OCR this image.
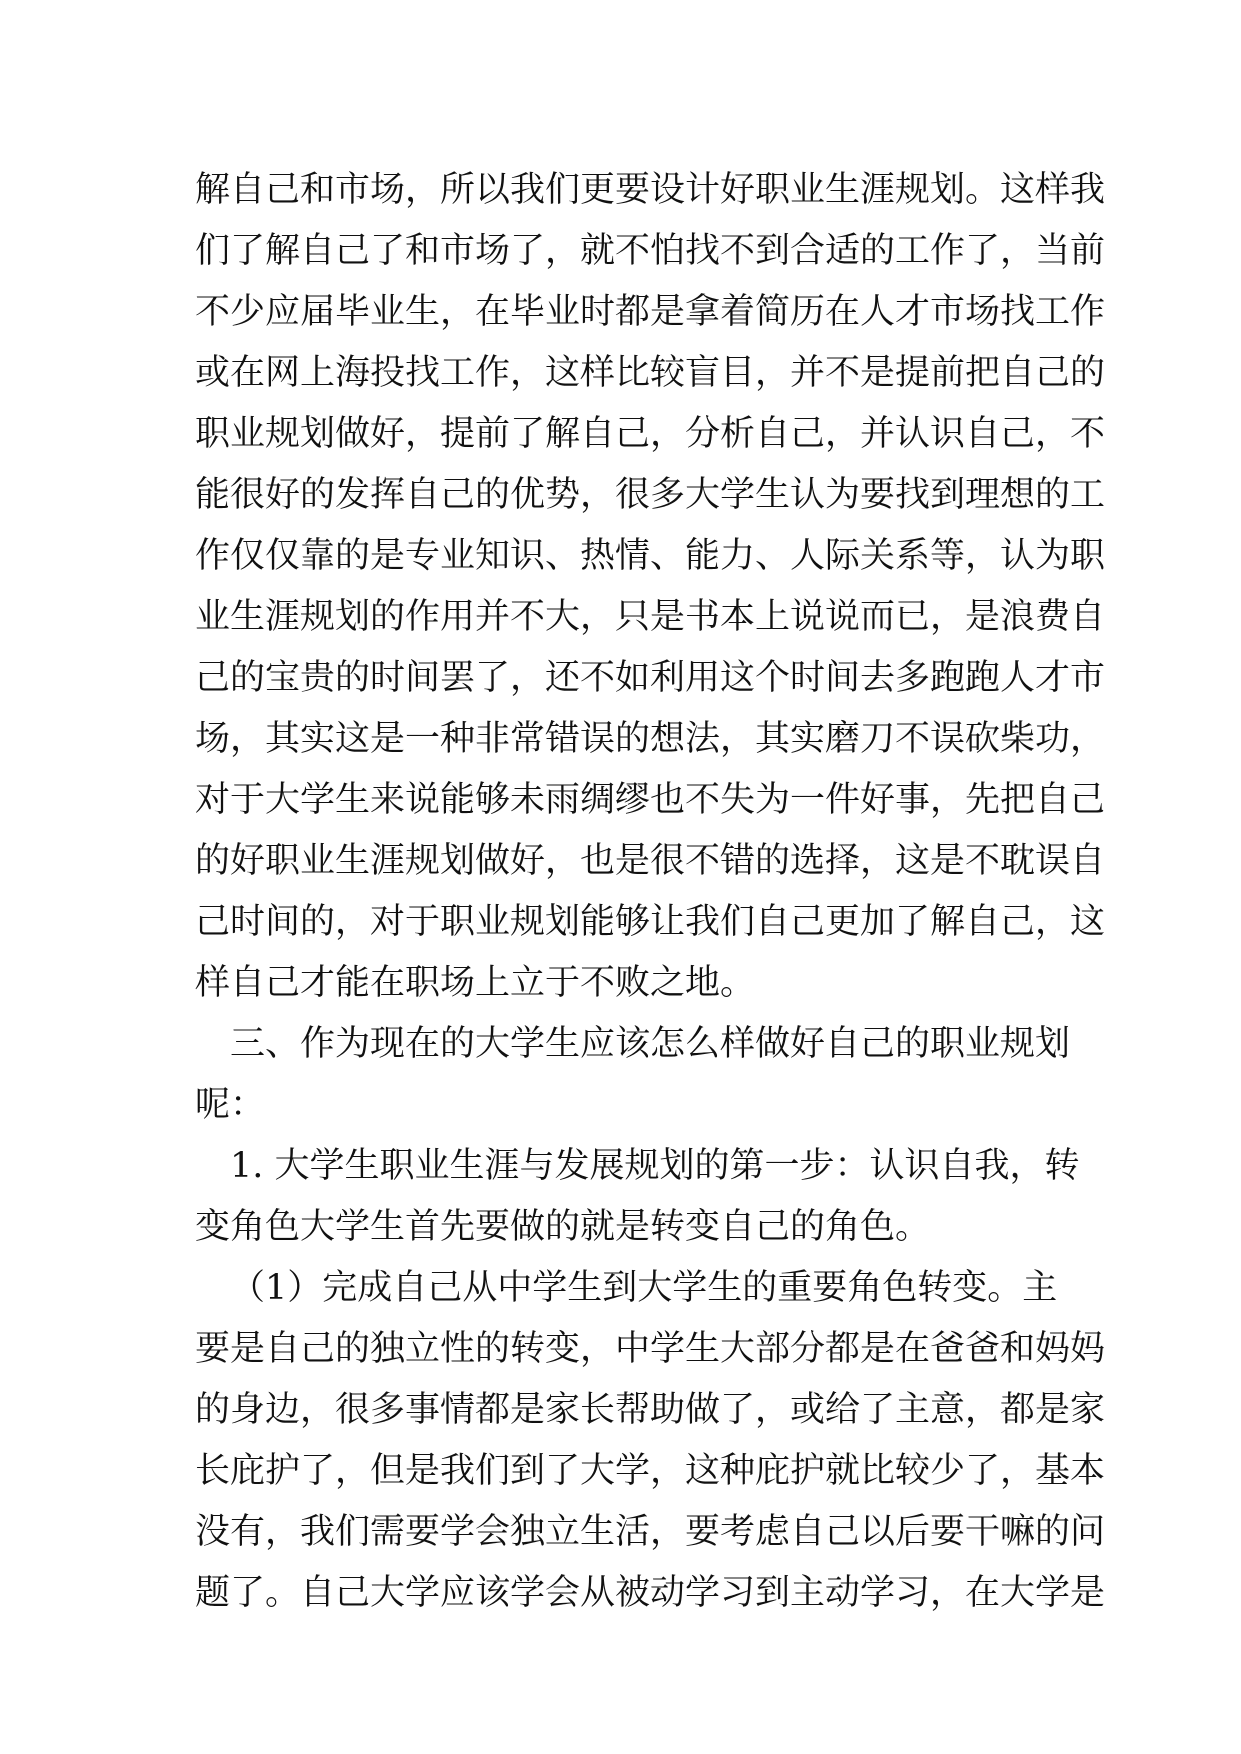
解自己和市场，所以我们更要设计好职业生涯规划。这样我
们了解自己了和市场了，就不怕找不到合适的工作了，当前
不少应届毕业生，在毕业时都是拿着简历在人才市场找工作
或在网上海投找工作，这样比较盲目，并不是提前把自己的
职业规划做好，提前了解自己，分析自己，并认识自己，不
能很好的发挥自己的优势，很多大学生认为要找到理想的工
作仅仅靠的是专业知识、热情、能力、人际关系等，认为职
业生涯规划的作用并不大，只是书本上说说而已，是浪费自
己的宝贵的时间罢了，还不如利用这个时间去多跑跑人才市
场，其实这是一种非常错误的想法，其实磨刀不误砍柴功，
对于大学生来说能够未雨绸缪也不失为一件好事，先把自己
的好职业生涯规划做好，也是很不错的选择，这是不耽误自
己时间的，对于职业规划能够让我们自己更加了解自己，这
样自己才能在职场上立于不败之地。
三、作为现在的大学生应该怎么样做好自己的职业规划
呢：
1. 大学生职业生涯与发展规划的第一步：认识自我，转
变角色大学生首先要做的就是转变自己的角色。
（1）完成自己从中学生到大学生的重要角色转变。主
要是自己的独立性的转变，中学生大部分都是在爸爸和妈妈
的身边，很多事情都是家长帮助做了，或给了主意，都是家
长庇护了，但是我们到了大学，这种庇护就比较少了，基本
没有，我们需要学会独立生活，要考虑自己以后要干嘛的问
题了。自己大学应该学会从被动学习到主动学习，在大学是
